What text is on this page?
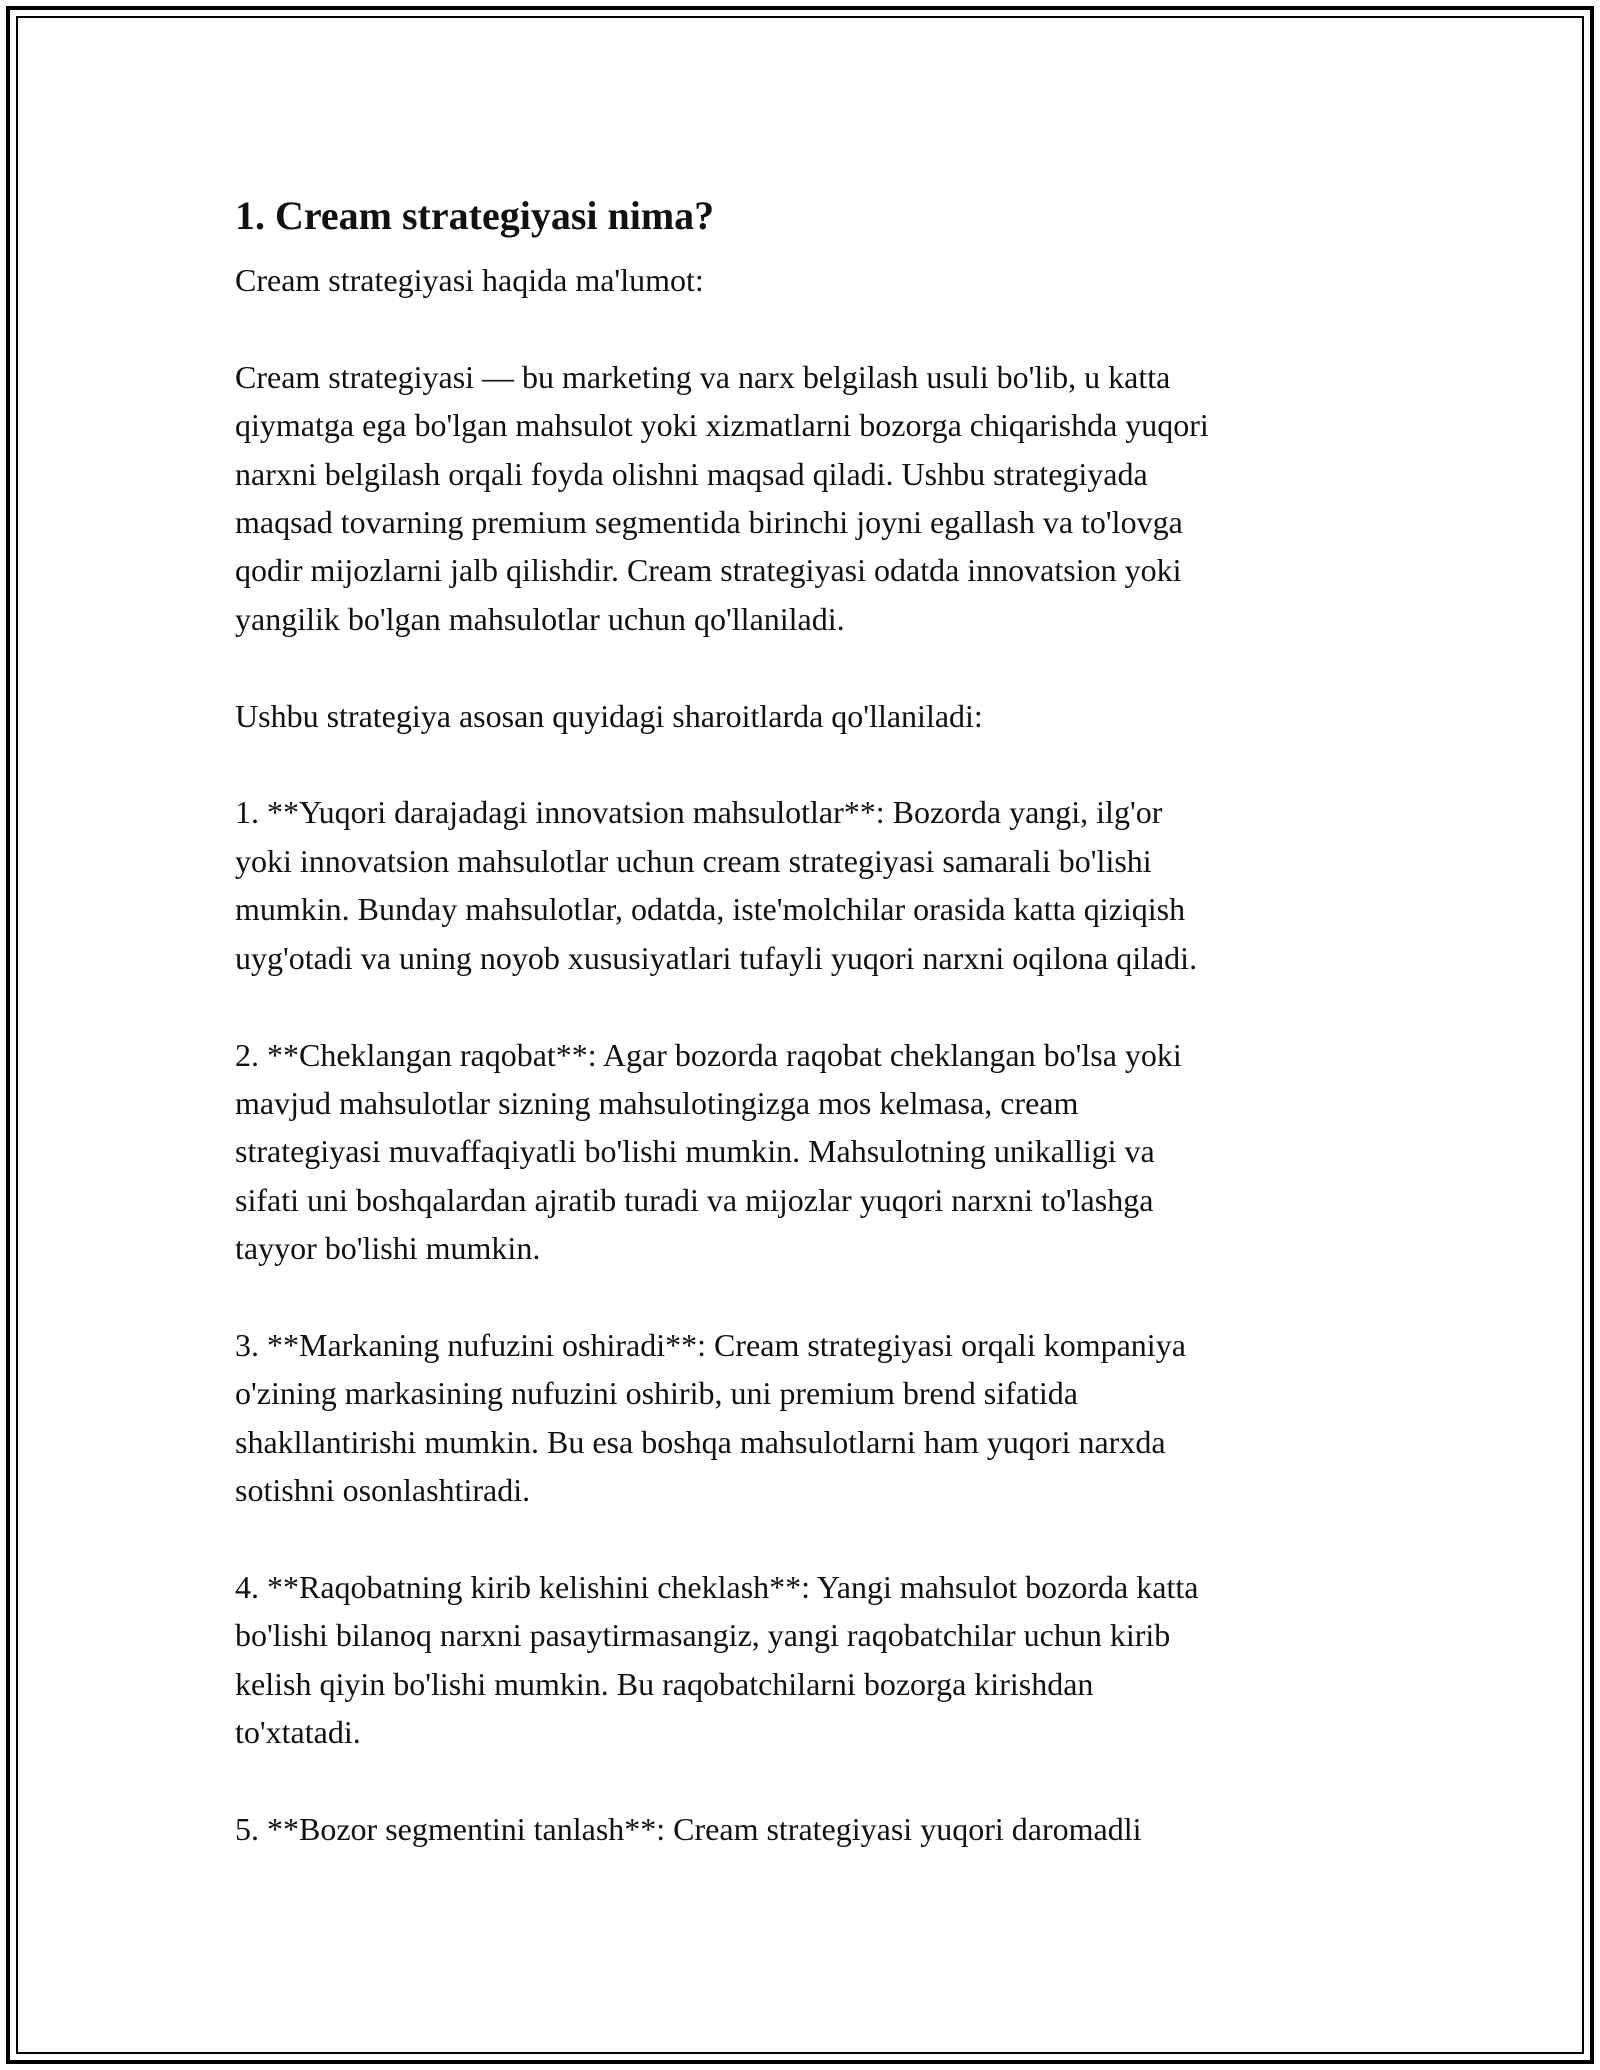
1. Cream strategiyasi nima?
Cream strategiyasi haqida ma'lumot:

Cream strategiyasi — bu marketing va narx belgilash usuli bo'lib, u katta
qiymatga ega bo'lgan mahsulot yoki xizmatlarni bozorga chiqarishda yuqori
narxni belgilash orqali foyda olishni maqsad qiladi. Ushbu strategiyada
maqsad tovarning premium segmentida birinchi joyni egallash va to'lovga
qodir mijozlarni jalb qilishdir. Cream strategiyasi odatda innovatsion yoki
yangilik bo'lgan mahsulotlar uchun qo'llaniladi.

Ushbu strategiya asosan quyidagi sharoitlarda qo'llaniladi:

1. **Yuqori darajadagi innovatsion mahsulotlar**: Bozorda yangi, ilg'or
yoki innovatsion mahsulotlar uchun cream strategiyasi samarali bo'lishi
mumkin. Bunday mahsulotlar, odatda, iste'molchilar orasida katta qiziqish
uyg'otadi va uning noyob xususiyatlari tufayli yuqori narxni oqilona qiladi.

2. **Cheklangan raqobat**: Agar bozorda raqobat cheklangan bo'lsa yoki
mavjud mahsulotlar sizning mahsulotingizga mos kelmasa, cream
strategiyasi muvaffaqiyatli bo'lishi mumkin. Mahsulotning unikalligi va
sifati uni boshqalardan ajratib turadi va mijozlar yuqori narxni to'lashga
tayyor bo'lishi mumkin.

3. **Markaning nufuzini oshiradi**: Cream strategiyasi orqali kompaniya
o'zining markasining nufuzini oshirib, uni premium brend sifatida
shakllantirishi mumkin. Bu esa boshqa mahsulotlarni ham yuqori narxda
sotishni osonlashtiradi.

4. **Raqobatning kirib kelishini cheklash**: Yangi mahsulot bozorda katta
bo'lishi bilanoq narxni pasaytirmasangiz, yangi raqobatchilar uchun kirib
kelish qiyin bo'lishi mumkin. Bu raqobatchilarni bozorga kirishdan
to'xtatadi.

5. **Bozor segmentini tanlash**: Cream strategiyasi yuqori daromadli
